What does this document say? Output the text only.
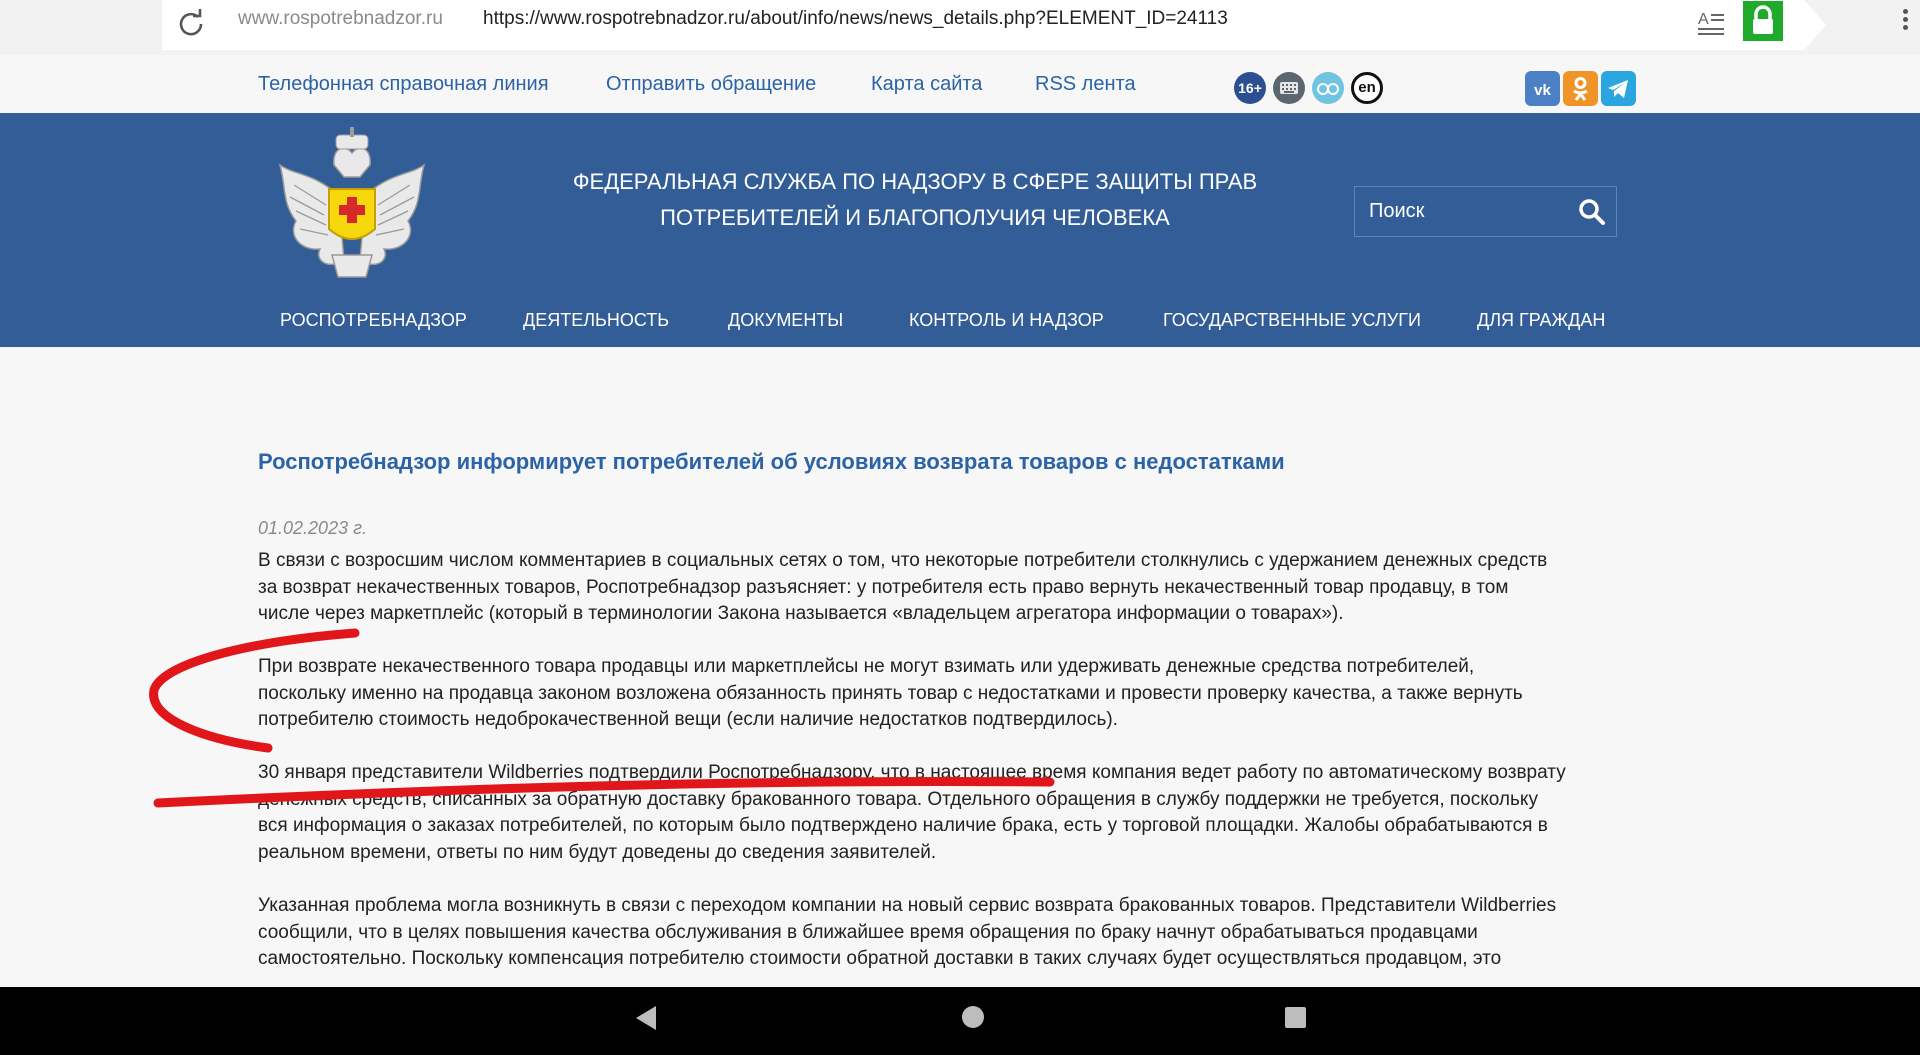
www.rospotrebnadzor.ru https://www.rospotrebnadzor.ru/about/info/news/news_details.php?ELEMENT_ID=24113	A
Телефонная справочная линия	Отправить обращение	Карта сайта	RSS лента	16+	en	vk
ФЕДЕРАЛЬНАЯ СЛУЖБА ПО НАДЗОРУ В СФЕРЕ ЗАЩИТЫ ПРАВ
ПОТРЕБИТЕЛЕЙ И БЛАГОПОЛУЧИЯ ЧЕЛОВЕКА
Поиск
РОСПОТРЕБНАДЗОР	ДЕЯТЕЛЬНОСТЬ	ДОКУМЕНТЫ	КОНТРОЛЬ И НАДЗОР	ГОСУДАРСТВЕННЫЕ УСЛУГИ	ДЛЯ ГРАЖДАН
Роспотребнадзор информирует потребителей об условиях возврата товаров с недостатками
01.02.2023 г.
В связи с возросшим числом комментариев в социальных сетях о том, что некоторые потребители столкнулись с удержанием денежных средств
за возврат некачественных товаров, Роспотребнадзор разъясняет: у потребителя есть право вернуть некачественный товар продавцу, в том
числе через маркетплейс (который в терминологии Закона называется «владельцем агрегатора информации о товарах»).
При возврате некачественного товара продавцы или маркетплейсы не могут взимать или удерживать денежные средства потребителей,
поскольку именно на продавца законом возложена обязанность принять товар с недостатками и провести проверку качества, а также вернуть
потребителю стоимость недоброкачественной вещи (если наличие недостатков подтвердилось).
30 января представители Wildberries подтвердили Роспотребнадзору, что в настоящее время компания ведет работу по автоматическому возврату
денежных средств, списанных за обратную доставку бракованного товара. Отдельного обращения в службу поддержки не требуется, поскольку
вся информация о заказах потребителей, по которым было подтверждено наличие брака, есть у торговой площадки. Жалобы обрабатываются в
реальном времени, ответы по ним будут доведены до сведения заявителей.
Указанная проблема могла возникнуть в связи с переходом компании на новый сервис возврата бракованных товаров. Представители Wildberries
сообщили, что в целях повышения качества обслуживания в ближайшее время обращения по браку начнут обрабатываться продавцами
самостоятельно. Поскольку компенсация потребителю стоимости обратной доставки в таких случаях будет осуществляться продавцом, это
